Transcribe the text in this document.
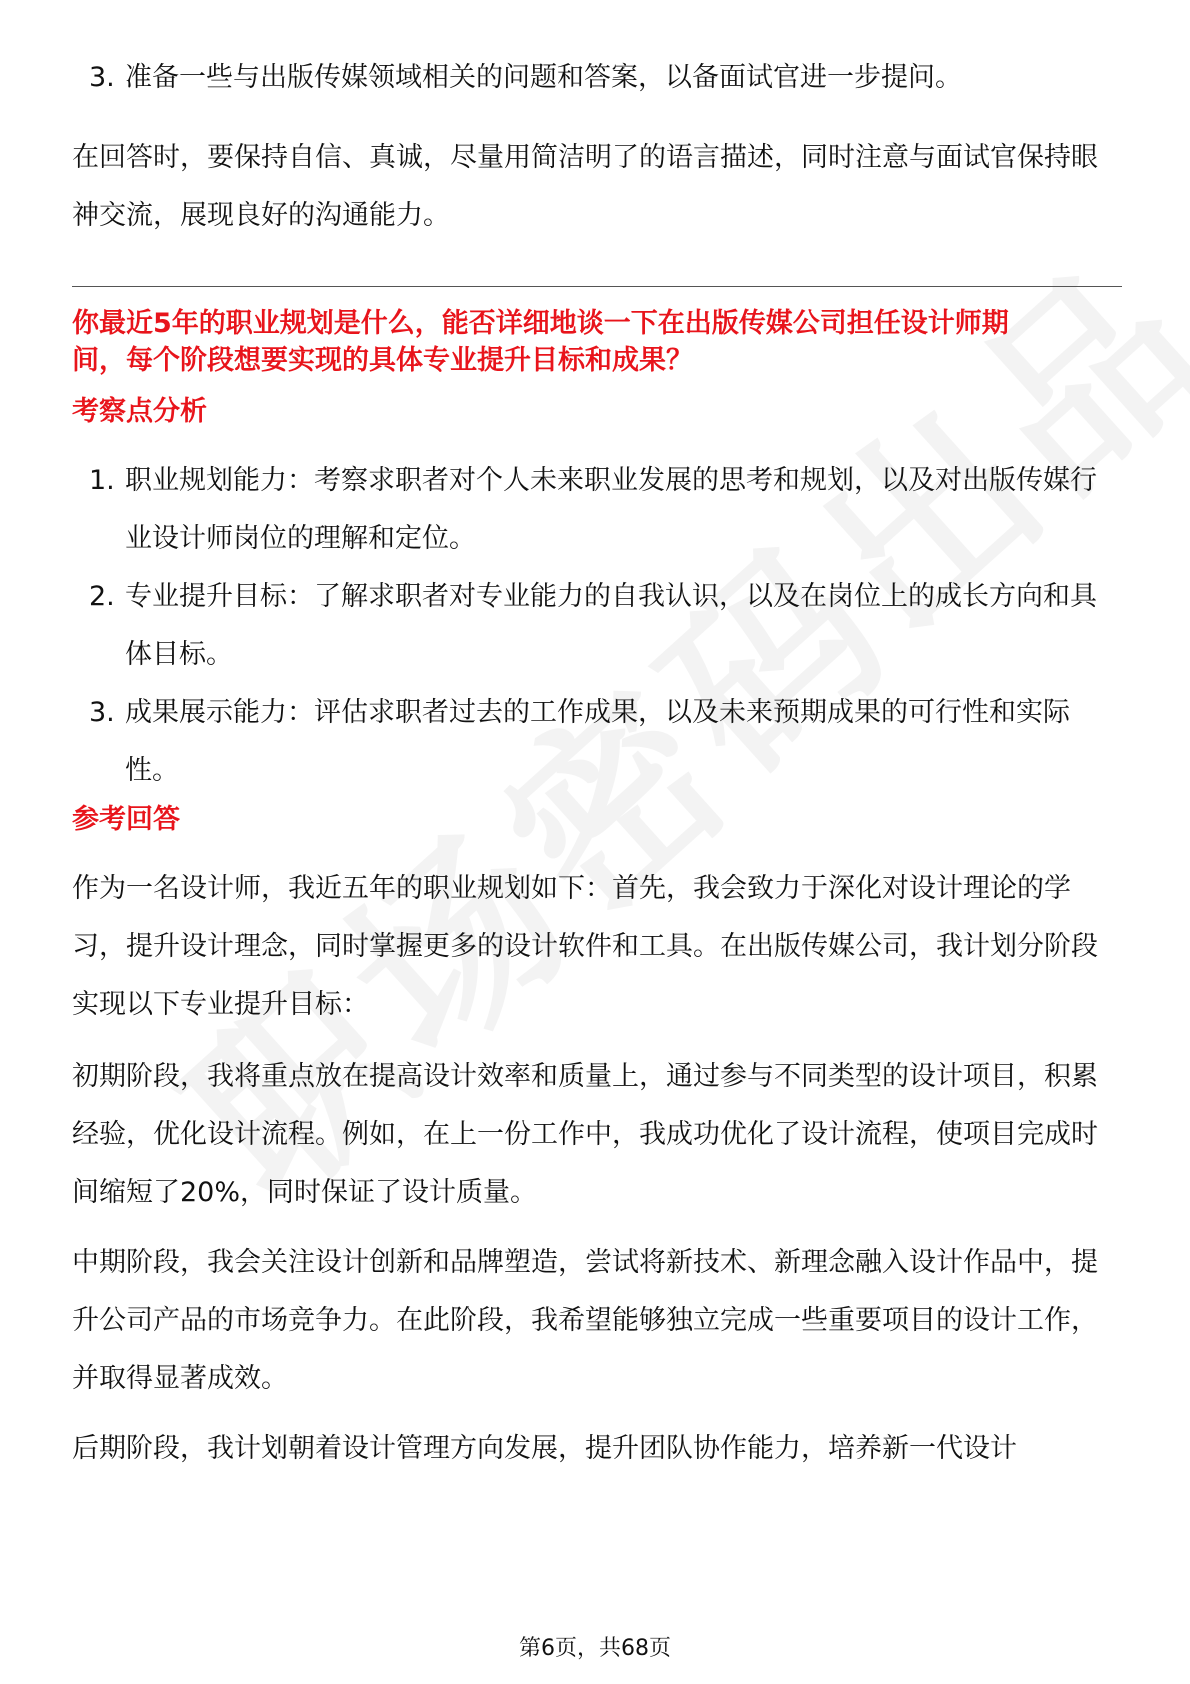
3. 准备一些与出版传媒领域相关的问题和答案，以备面试官进一步提问。

在回答时，要保持自信、真诚，尽量用简洁明了的语言描述，同时注意与面试官保持眼神交流，展现良好的沟通能力。

你最近5年的职业规划是什么，能否详细地谈一下在出版传媒公司担任设计师期间，每个阶段想要实现的具体专业提升目标和成果？

考察点分析

1. 职业规划能力：考察求职者对个人未来职业发展的思考和规划，以及对出版传媒行业设计师岗位的理解和定位。
2. 专业提升目标：了解求职者对专业能力的自我认识，以及在岗位上的成长方向和具体目标。
3. 成果展示能力：评估求职者过去的工作成果，以及未来预期成果的可行性和实际性。

参考回答

作为一名设计师，我近五年的职业规划如下：首先，我会致力于深化对设计理论的学习，提升设计理念，同时掌握更多的设计软件和工具。在出版传媒公司，我计划分阶段实现以下专业提升目标：

初期阶段，我将重点放在提高设计效率和质量上，通过参与不同类型的设计项目，积累经验，优化设计流程。例如，在上一份工作中，我成功优化了设计流程，使项目完成时间缩短了20%，同时保证了设计质量。

中期阶段，我会关注设计创新和品牌塑造，尝试将新技术、新理念融入设计作品中，提升公司产品的市场竞争力。在此阶段，我希望能够独立完成一些重要项目的设计工作，并取得显著成效。

后期阶段，我计划朝着设计管理方向发展，提升团队协作能力，培养新一代设计

第6页，共68页
